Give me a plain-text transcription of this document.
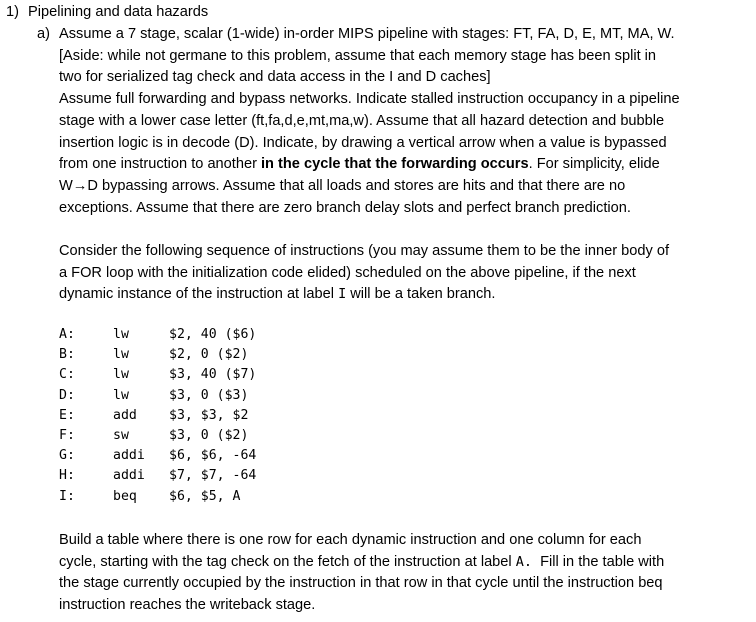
1) Pipelining and data hazards
a) Assume a 7 stage, scalar (1-wide) in-order MIPS pipeline with stages: FT, FA, D, E, MT, MA, W.
[Aside: while not germane to this problem, assume that each memory stage has been split in
two for serialized tag check and data access in the I and D caches]
Assume full forwarding and bypass networks. Indicate stalled instruction occupancy in a pipeline
stage with a lower case letter (ft,fa,d,e,mt,ma,w). Assume that all hazard detection and bubble
insertion logic is in decode (D). Indicate, by drawing a vertical arrow when a value is bypassed
from one instruction to another in the cycle that the forwarding occurs. For simplicity, elide
W→D bypassing arrows. Assume that all loads and stores are hits and that there are no
exceptions. Assume that there are zero branch delay slots and perfect branch prediction.
Consider the following sequence of instructions (you may assume them to be the inner body of
a FOR loop with the initialization code elided) scheduled on the above pipeline, if the next
dynamic instance of the instruction at label I will be a taken branch.
A:	lw	$2, 40 ($6)
B:	lw	$2, 0 ($2)
C:	lw	$3, 40 ($7)
D:	lw	$3, 0 ($3)
E:	add	$3, $3, $2
F:	sw	$3, 0 ($2)
G:	addi	$6, $6, -64
H:	addi	$7, $7, -64
I:	beq	$6, $5, A
Build a table where there is one row for each dynamic instruction and one column for each
cycle, starting with the tag check on the fetch of the instruction at label A.  Fill in the table with
the stage currently occupied by the instruction in that row in that cycle until the instruction beq
instruction reaches the writeback stage.
